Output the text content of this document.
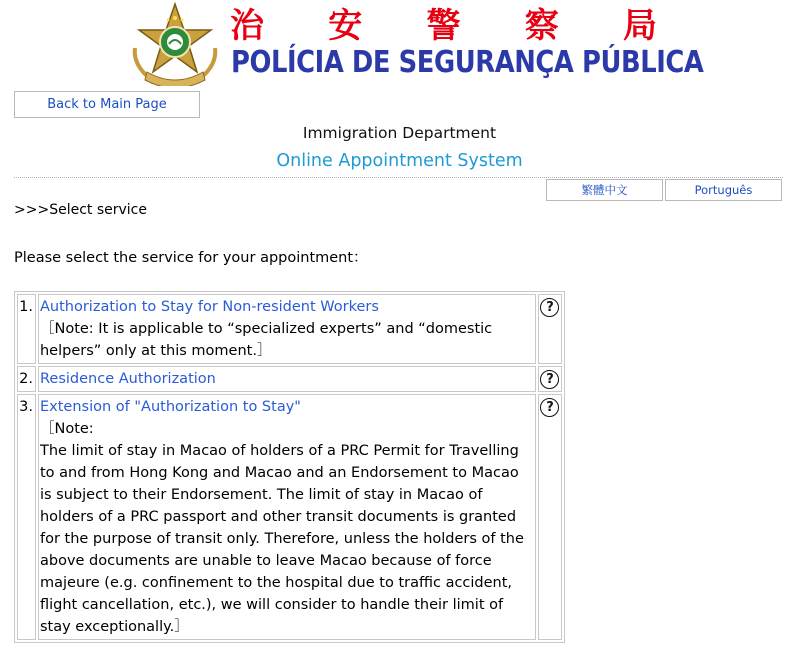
治 安 警 察 局
POLÍCIA DE SEGURANÇA PÚBLICA
Back to Main Page
Immigration Department
Online Appointment System
繁體中文	Português
>>>Select service
Please select the service for your appointment：
1.	Authorization to Stay for Non-resident Workers
［Note: It is applicable to “specialized experts” and “domestic helpers” only at this moment.］	?
2.	Residence Authorization	?
3.	Extension of "Authorization to Stay"
［Note:
The limit of stay in Macao of holders of a PRC Permit for Travelling to and from Hong Kong and Macao and an Endorsement to Macao is subject to their Endorsement. The limit of stay in Macao of holders of a PRC passport and other transit documents is granted for the purpose of transit only. Therefore, unless the holders of the above documents are unable to leave Macao because of force majeure (e.g. confinement to the hospital due to traffic accident, flight cancellation, etc.), we will consider to handle their limit of stay exceptionally.］	?
